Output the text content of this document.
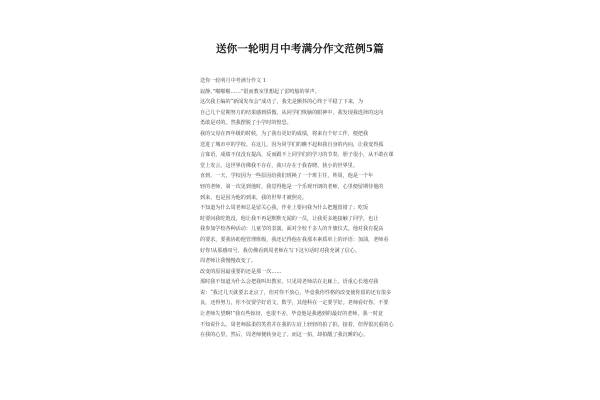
送你一轮明月中考满分作文范例5篇
送你一轮明月中考满分作文 1
寂静。”啪啪啪……”很而教室里想起了雷鸣般的掌声。
这次我主编的“新闻发布会”成功了，我先是颤抖的心终于平稳了下来，为
自己几个星期努力的结果感到骄傲。从同学们恢脑的眼神中，我发现我选择的这向
勇敢是对的。然我摆脱了小学时的惶恐。
我的父母在四年级的时候，为了我有更好的成绩，将来有个好工作，便把我
送进了城市中的学校。在这儿，因为同学们的瞧不起和我自身的内向，让我变得孤
言寡语，成绩不仅没有提高，反而跟不上同学们的学习的节奏，胆子很小，从不敢在课
堂上发言。这世界仿佛我不存在，我只存在于我春晓、狭小的世界里。
直到，一天，学校因为一些原因给我们班换了一个班主任，姓周，他是一个年
轻的老师，第一次见到他时，我觉得他是一个乐观开朗的老师，心里便留期待他的
到来，也是因为他的到来，我的世界才被照亮。
不知道为什么周老师总是留关心我，作业上要问我为什么把题留错了；吃饭
时要问我吃饱没，他让我不再是默默无闻的一员，让我更多地接触了同学，也让
我参加学校各种活动：儿童节的表演，面对全校千多人的升旗仪式。他对我有提高
的要求，要我协助他管理班级，我还记得他在我那本素质单上的评语：加油，老师看
好你!从那感叹号，我仿佛看到周老师在写下这句话时对我充满了信心。
周老师让我慢慢改变了。
改变的原因最重要的还是那一次……
那时我不知道为什么会把我叫出教室，只见周老师站在走廊上，语重心长地对我
说：“我过几天就要去北京了，但对你不放心，毕竟我你性格的改变使你留的还有很多
良，还得努力，你不仅要学好语文，数学，其他科在一定要学好。老师看好你，不要
让老师失望啊!”我有些惊讶，也很不舍，毕竟他是我遇到的最好的老师，我一时竟
不知说什么。周老师温柔的笑着并在我的左肩上轻轻的拍了拍，接着，但得很沉重的心
在我的心里，然后，周老师便转身走了。而这一拍，却拍醒了我沉睡的心。
